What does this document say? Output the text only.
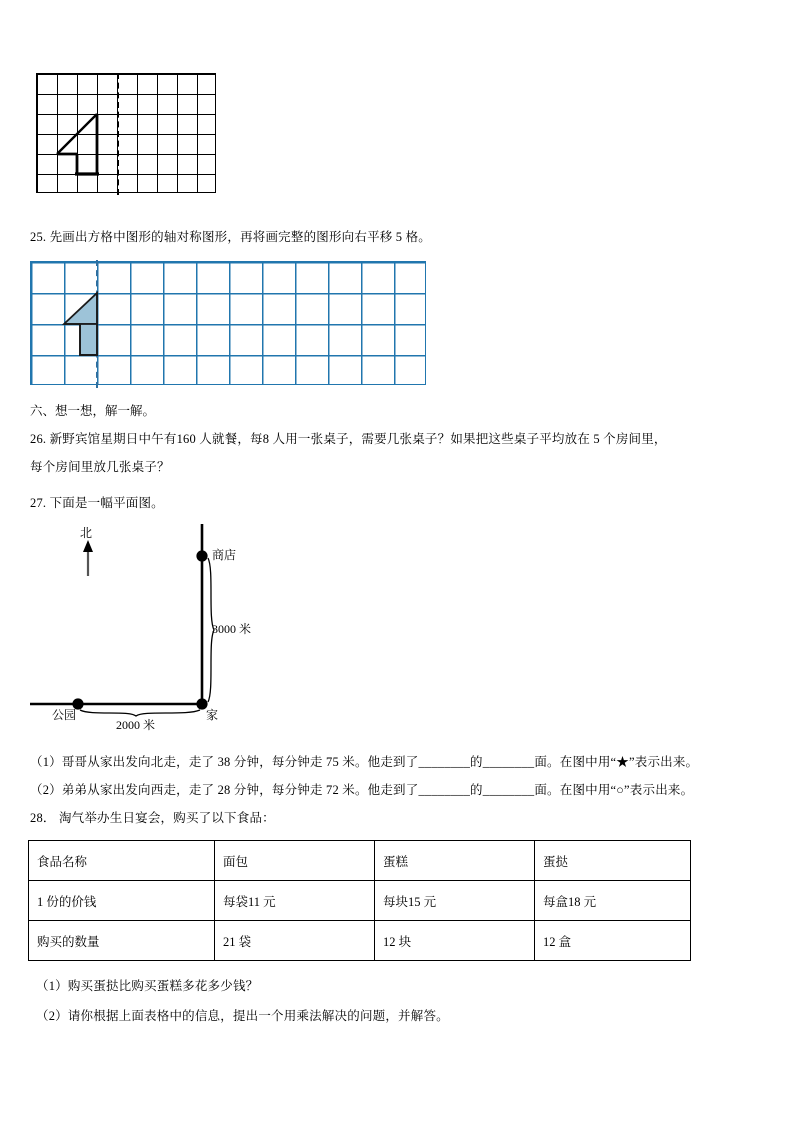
25. 先画出方格中图形的轴对称图形，再将画完整的图形向右平移 5 格。
六、想一想，解一解。
26. 新野宾馆星期日中午有160 人就餐，每8 人用一张桌子，需要几张桌子？如果把这些桌子平均放在 5 个房间里，
每个房间里放几张桌子？
27. 下面是一幅平面图。
北
商店
3000 米
家
公园
2000 米
（1）哥哥从家出发向北走，走了 38 分钟，每分钟走 75 米。他走到了________的________面。在图中用“★”表示出来。
（2）弟弟从家出发向西走，走了 28 分钟，每分钟走 72 米。他走到了________的________面。在图中用“○”表示出来。
28． 淘气举办生日宴会，购买了以下食品：
食品名称	面包	蛋糕	蛋挞
1 份的价钱	每袋11 元	每块15 元	每盒18 元
购买的数量	21 袋	12 块	12 盒
（1）购买蛋挞比购买蛋糕多花多少钱？
（2）请你根据上面表格中的信息，提出一个用乘法解决的问题，并解答。
